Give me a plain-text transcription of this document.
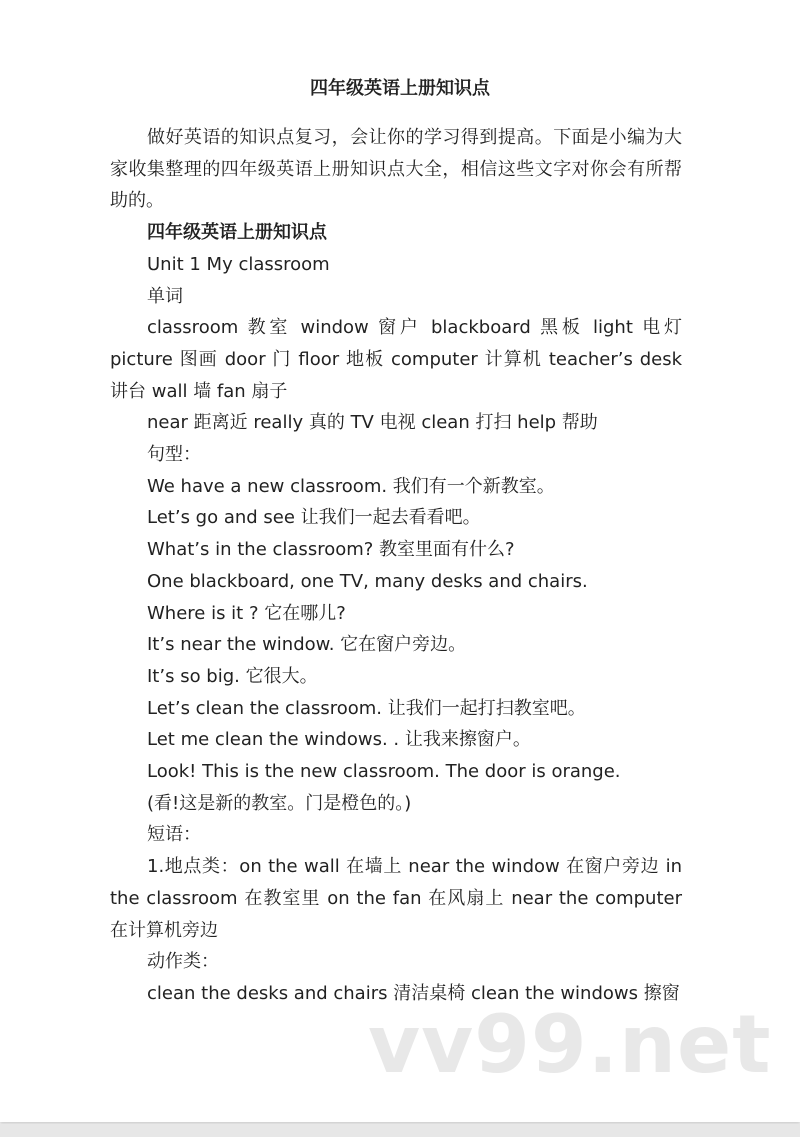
四年级英语上册知识点

做好英语的知识点复习，会让你的学习得到提高。下面是小编为大家收集整理的四年级英语上册知识点大全，相信这些文字对你会有所帮助的。

四年级英语上册知识点

Unit 1 My classroom

单词

classroom 教室 window 窗户 blackboard 黑板 light 电灯 picture 图画 door 门 floor 地板 computer 计算机 teacher’s desk 讲台 wall 墙 fan 扇子

near 距离近 really 真的 TV 电视 clean 打扫 help 帮助

句型：

We have a new classroom. 我们有一个新教室。

Let’s go and see 让我们一起去看看吧。

What’s in the classroom? 教室里面有什么?

One blackboard, one TV, many desks and chairs.

Where is it ? 它在哪儿?

It’s near the window. 它在窗户旁边。

It’s so big. 它很大。

Let’s clean the classroom. 让我们一起打扫教室吧。

Let me clean the windows. . 让我来擦窗户。

Look! This is the new classroom. The door is orange.

(看!这是新的教室。门是橙色的。)

短语：

1.地点类：on the wall 在墙上 near the window 在窗户旁边 in the classroom 在教室里 on the fan 在风扇上 near the computer 在计算机旁边

动作类：

clean the desks and chairs 清洁桌椅 clean the windows 擦窗

vv99.net
